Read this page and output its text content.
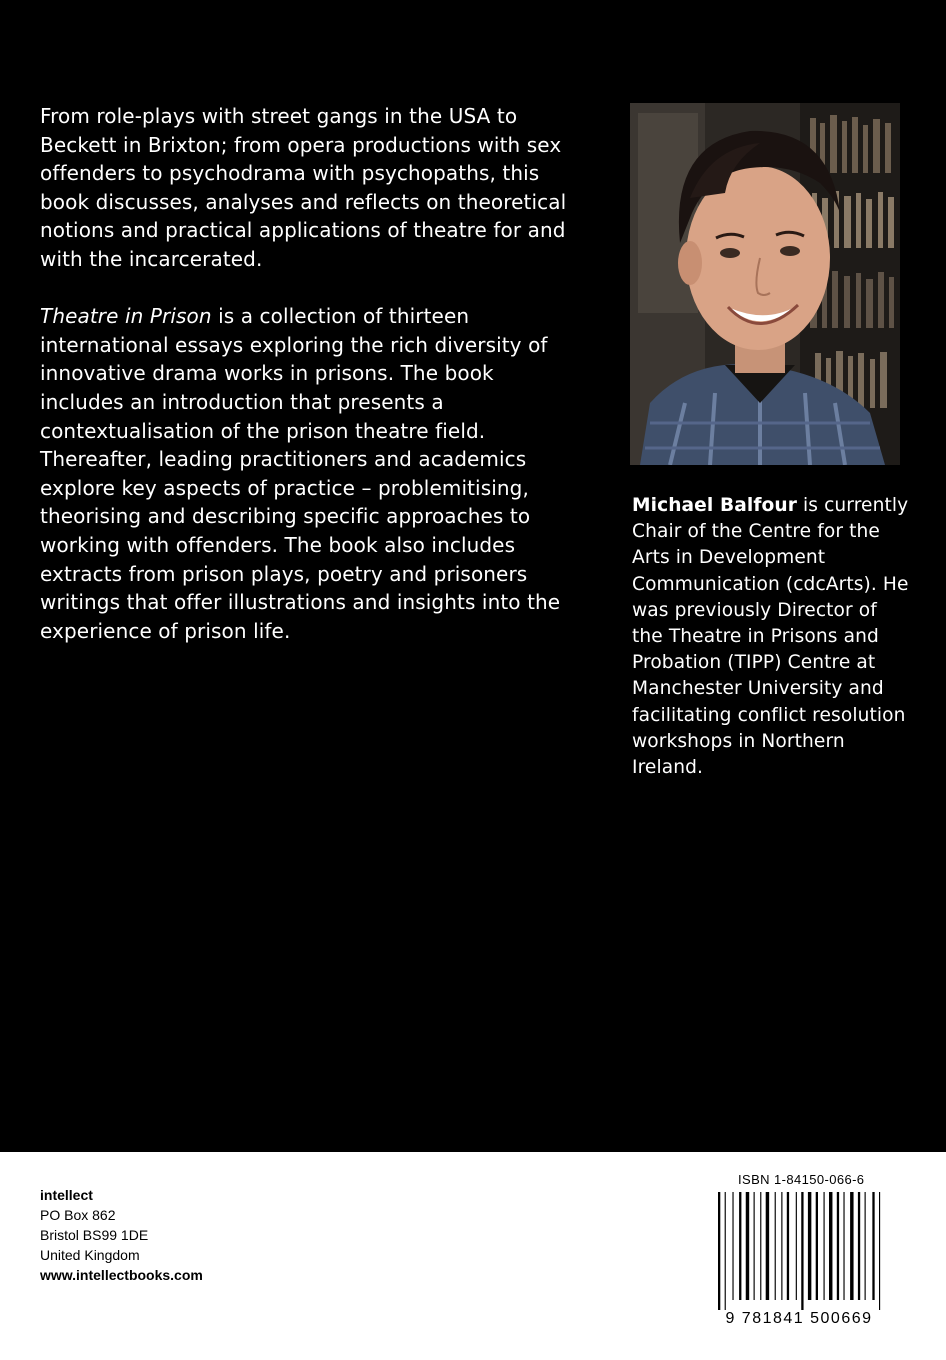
From role-plays with street gangs in the USA to Beckett in Brixton; from opera productions with sex offenders to psychodrama with psychopaths, this book discusses, analyses and reflects on theoretical notions and practical applications of theatre for and with the incarcerated.

Theatre in Prison is a collection of thirteen international essays exploring the rich diversity of innovative drama works in prisons. The book includes an introduction that presents a contextualisation of the prison theatre field. Thereafter, leading practitioners and academics explore key aspects of practice – problemitising, theorising and describing specific approaches to working with offenders. The book also includes extracts from prison plays, poetry and prisoners writings that offer illustrations and insights into the experience of prison life.

Michael Balfour is currently Chair of the Centre for the Arts in Development Communication (cdcArts). He was previously Director of the Theatre in Prisons and Probation (TIPP) Centre at Manchester University and facilitating conflict resolution workshops in Northern Ireland.
intellect
PO Box 862
Bristol BS99 1DE
United Kingdom
www.intellectbooks.com
ISBN 1-84150-066-6
9 781841 500669
